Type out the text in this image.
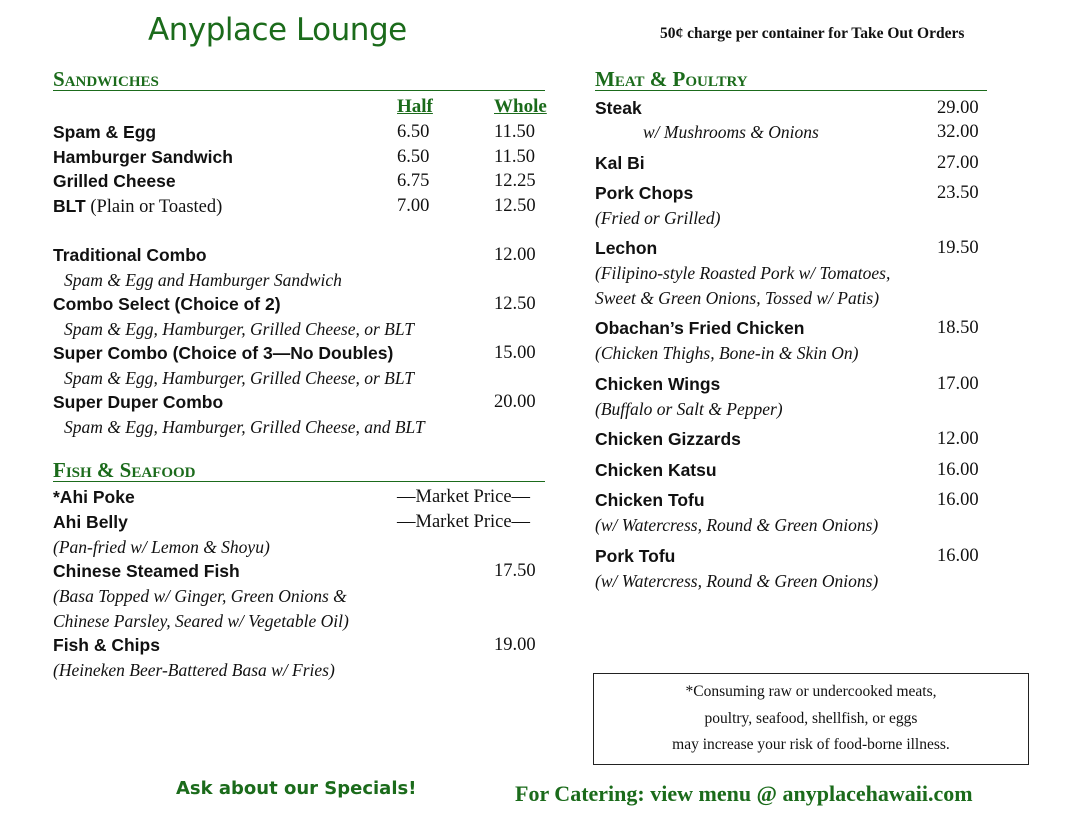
Anyplace Lounge	50¢ charge per container for Take Out Orders
Sandwiches
Half	Whole
Spam & Egg	6.50	11.50
Hamburger Sandwich	6.50	11.50
Grilled Cheese	6.75	12.25
BLT (Plain or Toasted)	7.00	12.50
Traditional Combo	12.00
Spam & Egg and Hamburger Sandwich
Combo Select (Choice of 2)	12.50
Spam & Egg, Hamburger, Grilled Cheese, or BLT
Super Combo (Choice of 3—No Doubles)	15.00
Spam & Egg, Hamburger, Grilled Cheese, or BLT
Super Duper Combo	20.00
Spam & Egg, Hamburger, Grilled Cheese, and BLT
Fish & Seafood
*Ahi Poke	—Market Price—
Ahi Belly	—Market Price—
(Pan-fried w/ Lemon & Shoyu)
Chinese Steamed Fish	17.50
(Basa Topped w/ Ginger, Green Onions &
Chinese Parsley, Seared w/ Vegetable Oil)
Fish & Chips	19.00
(Heineken Beer-Battered Basa w/ Fries)
Meat & Poultry
Steak	29.00
w/ Mushrooms & Onions	32.00
Kal Bi	27.00
Pork Chops	23.50
(Fried or Grilled)
Lechon	19.50
(Filipino-style Roasted Pork w/ Tomatoes,
Sweet & Green Onions, Tossed w/ Patis)
Obachan’s Fried Chicken	18.50
(Chicken Thighs, Bone-in & Skin On)
Chicken Wings	17.00
(Buffalo or Salt & Pepper)
Chicken Gizzards	12.00
Chicken Katsu	16.00
Chicken Tofu	16.00
(w/ Watercress, Round & Green Onions)
Pork Tofu	16.00
(w/ Watercress, Round & Green Onions)
*Consuming raw or undercooked meats,
poultry, seafood, shellfish, or eggs
may increase your risk of food-borne illness.
Ask about our Specials!	For Catering: view menu @ anyplacehawaii.com
